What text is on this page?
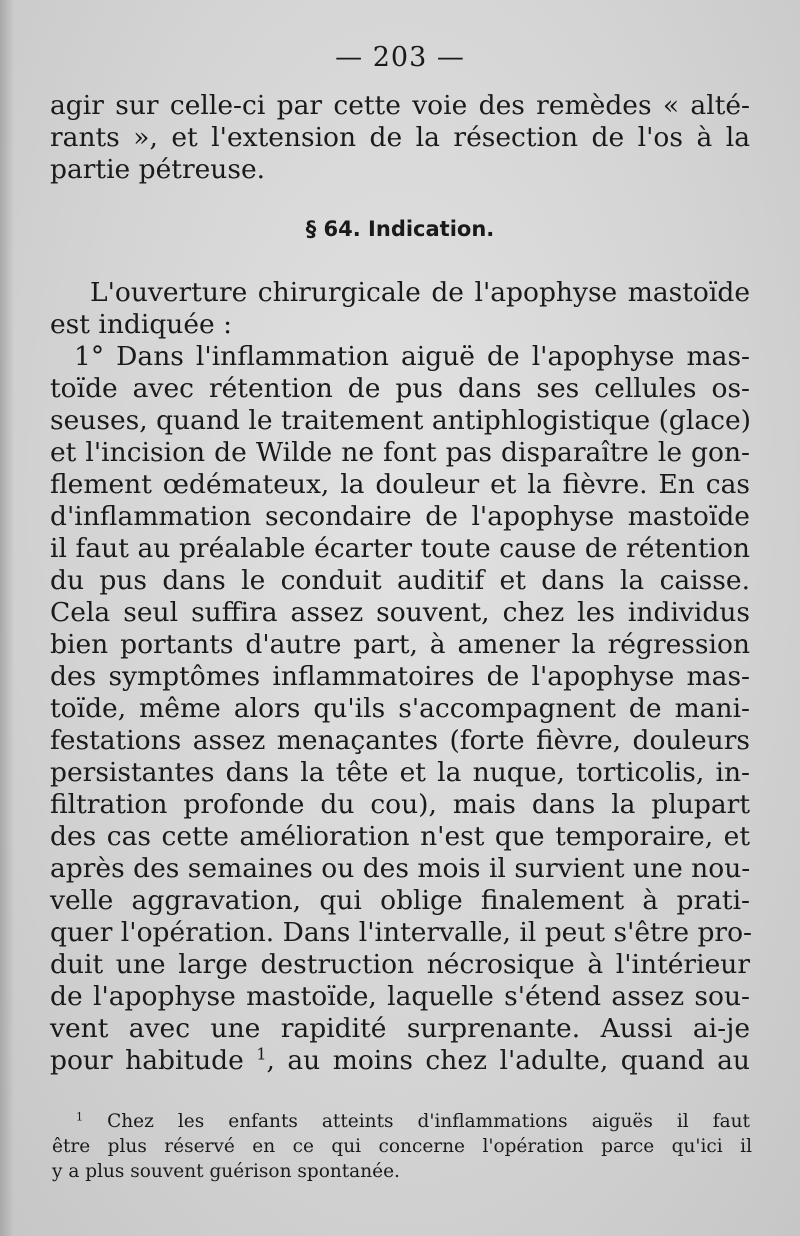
— 203 —
agir sur celle-ci par cette voie des remèdes « alté-
rants », et l'extension de la résection de l'os à la
partie pétreuse.
§ 64. Indication.
L'ouverture chirurgicale de l'apophyse mastoïde
est indiquée :
1° Dans l'inflammation aiguë de l'apophyse mas-
toïde avec rétention de pus dans ses cellules os-
seuses, quand le traitement antiphlogistique (glace)
et l'incision de Wilde ne font pas disparaître le gon-
flement œdémateux, la douleur et la fièvre. En cas
d'inflammation secondaire de l'apophyse mastoïde
il faut au préalable écarter toute cause de rétention
du pus dans le conduit auditif et dans la caisse.
Cela seul suffira assez souvent, chez les individus
bien portants d'autre part, à amener la régression
des symptômes inflammatoires de l'apophyse mas-
toïde, même alors qu'ils s'accompagnent de mani-
festations assez menaçantes (forte fièvre, douleurs
persistantes dans la tête et la nuque, torticolis, in-
filtration profonde du cou), mais dans la plupart
des cas cette amélioration n'est que temporaire, et
après des semaines ou des mois il survient une nou-
velle aggravation, qui oblige finalement à prati-
quer l'opération. Dans l'intervalle, il peut s'être pro-
duit une large destruction nécrosique à l'intérieur
de l'apophyse mastoïde, laquelle s'étend assez sou-
vent avec une rapidité surprenante. Aussi ai-je
pour habitude $^1$, au moins chez l'adulte, quand au
$^1$ Chez les enfants atteints d'inflammations aiguës il faut
être plus réservé en ce qui concerne l'opération parce qu'ici il
y a plus souvent guérison spontanée.
